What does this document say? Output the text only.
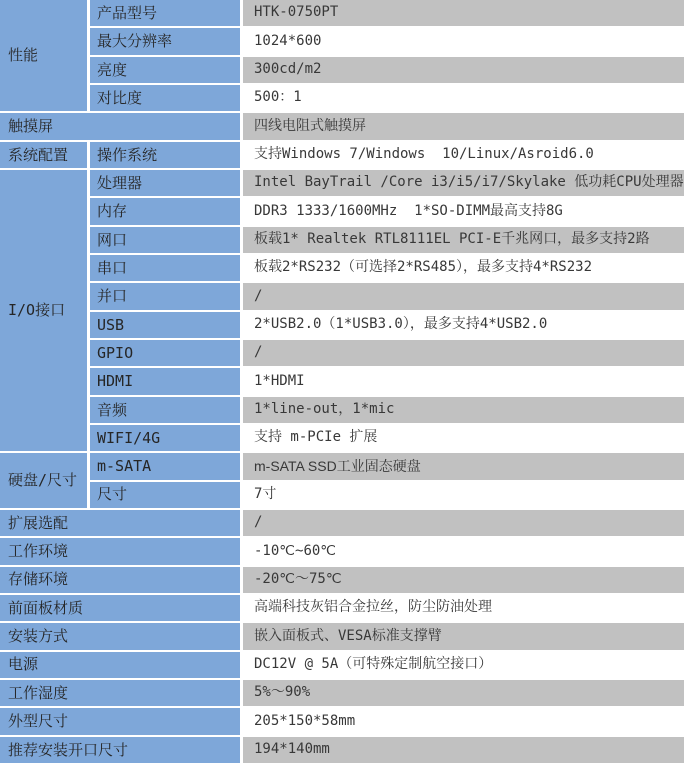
性能	产品型号	HTK-0750PT
	最大分辨率	1024*600
	亮度	300cd/m2
	对比度	500：1
触摸屏		四线电阻式触摸屏
系统配置	操作系统	支持Windows 7/Windows  10/Linux/Asroid6.0
I/O接口	处理器	Intel BayTrail /Core i3/i5/i7/Skylake 低功耗CPU处理器
	内存	DDR3 1333/1600MHz  1*SO-DIMM最高支持8G
	网口	板载1* Realtek RTL8111EL PCI-E千兆网口，最多支持2路
	串口	板载2*RS232（可选择2*RS485），最多支持4*RS232
	并口	/
	USB	2*USB2.0（1*USB3.0），最多支持4*USB2.0
	GPIO	/
	HDMI	1*HDMI
	音频	1*line-out，1*mic
	WIFI/4G	支持 m-PCIe 扩展
硬盘/尺寸	m-SATA	m-SATA SSD工业固态硬盘
	尺寸	7寸
扩展选配		/
工作环境		-10℃~60℃
存储环境		-20℃～75℃
前面板材质		高端科技灰铝合金拉丝，防尘防油处理
安装方式		嵌入面板式、VESA标准支撑臂
电源		DC12V @ 5A（可特殊定制航空接口）
工作湿度		5%～90%
外型尺寸		205*150*58mm
推荐安装开口尺寸		194*140mm
